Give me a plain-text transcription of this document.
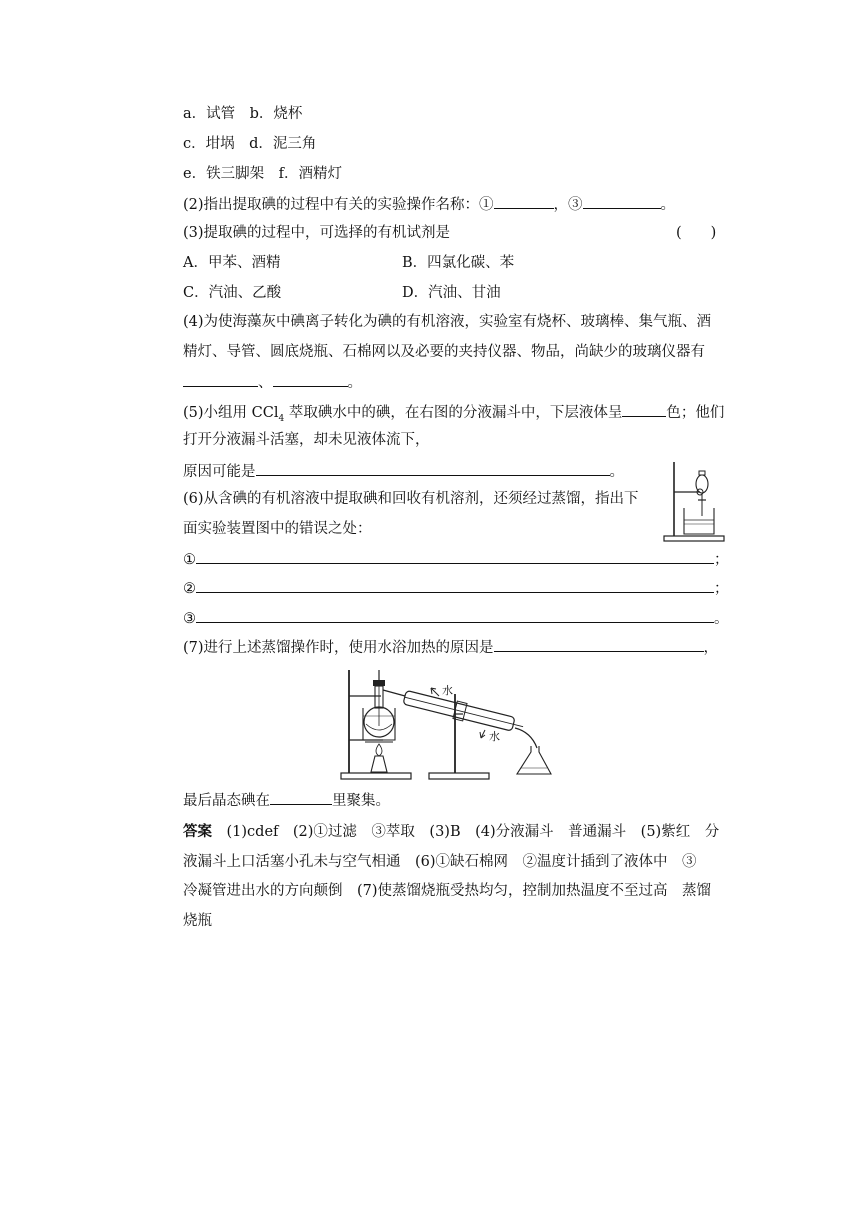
a．试管　b．烧杯
c．坩埚　d．泥三角
e．铁三脚架　f．酒精灯
(2)指出提取碘的过程中有关的实验操作名称：①	，③	。
(3)提取碘的过程中，可选择的有机试剂是	(　　)
A．甲苯、酒精	B．四氯化碳、苯
C．汽油、乙酸	D．汽油、甘油
(4)为使海藻灰中碘离子转化为碘的有机溶液，实验室有烧杯、玻璃棒、集气瓶、酒
精灯、导管、圆底烧瓶、石棉网以及必要的夹持仪器、物品，尚缺少的玻璃仪器有
、	。
(5)小组用 CCl$_4$ 萃取碘水中的碘，在右图的分液漏斗中，下层液体呈	色；他们
打开分液漏斗活塞，却未见液体流下，
原因可能是	。
(6)从含碘的有机溶液中提取碘和回收有机溶剂，还须经过蒸馏，指出下
面实验装置图中的错误之处：
①	；
②	；
③	。
(7)进行上述蒸馏操作时，使用水浴加热的原因是	，
水
水
最后晶态碘在	里聚集。
答案　(1)cdef　(2)①过滤　③萃取　(3)B　(4)分液漏斗　普通漏斗　(5)紫红　分
液漏斗上口活塞小孔未与空气相通　(6)①缺石棉网　②温度计插到了液体中　③
冷凝管进出水的方向颠倒　(7)使蒸馏烧瓶受热均匀，控制加热温度不至过高　蒸馏
烧瓶
